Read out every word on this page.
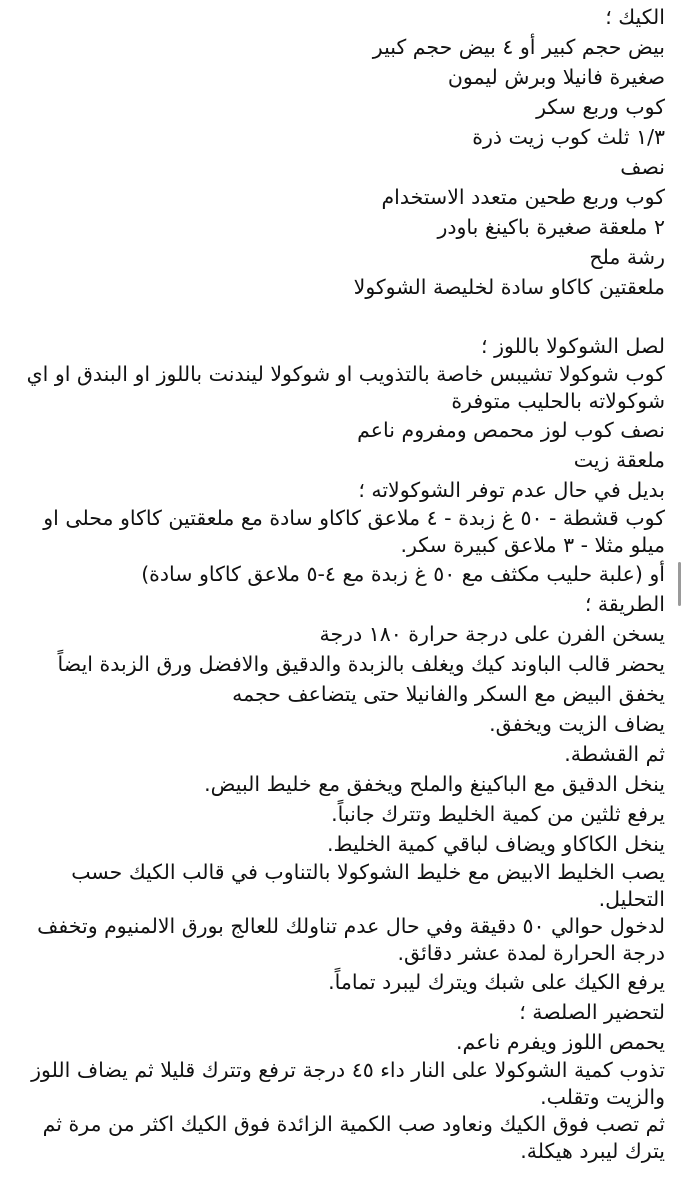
الكيك ؛
بيض حجم كبير أو ٤ بيض حجم كبير
صغيرة فانيلا وبرش ليمون
كوب وربع سكر
١/٣ ثلث كوب زيت ذرة
نصف
كوب وربع طحين متعدد الاستخدام
٢ ملعقة صغيرة باكينغ باودر
رشة ملح
ملعقتين كاكاو سادة لخليصة الشوكولا
لصل الشوكولا باللوز ؛
كوب شوكولا تشيبس خاصة بالتذويب او شوكولا ليندنت باللوز او البندق او اي شوكولاته بالحليب متوفرة
نصف كوب لوز محمص ومفروم ناعم
ملعقة زيت
بديل في حال عدم توفر الشوكولاته ؛
كوب قشطة - ٥٠ غ زبدة - ٤ ملاعق كاكاو سادة مع ملعقتين كاكاو محلى او ميلو مثلا - ٣ ملاعق كبيرة سكر.
أو (علبة حليب مكثف مع ٥٠ غ زبدة مع ٤-٥ ملاعق كاكاو سادة)
الطريقة ؛
يسخن الفرن على درجة حرارة ١٨٠ درجة
يحضر قالب الباوند كيك ويغلف بالزبدة والدقيق والافضل ورق الزبدة ايضاً
يخفق البيض مع السكر والفانيلا حتى يتضاعف حجمه
يضاف الزيت ويخفق.
ثم القشطة.
ينخل الدقيق مع الباكينغ والملح ويخفق مع خليط البيض.
يرفع ثلثين من كمية الخليط وتترك جانباً.
ينخل الكاكاو ويضاف لباقي كمية الخليط.
يصب الخليط الابيض مع خليط الشوكولا بالتناوب في قالب الكيك حسب التحليل.
لدخول حوالي ٥٠ دقيقة وفي حال عدم تناولك للعالج بورق الالمنيوم وتخفف درجة الحرارة لمدة عشر دقائق.
يرفع الكيك على شبك ويترك ليبرد تماماً.
لتحضير الصلصة ؛
يحمص اللوز ويفرم ناعم.
تذوب كمية الشوكولا على النار داء ٤٥ درجة ترفع وتترك قليلا ثم يضاف اللوز والزيت وتقلب.
ثم تصب فوق الكيك ونعاود صب الكمية الزائدة فوق الكيك اكثر من مرة ثم يترك ليبرد هيكلة.
